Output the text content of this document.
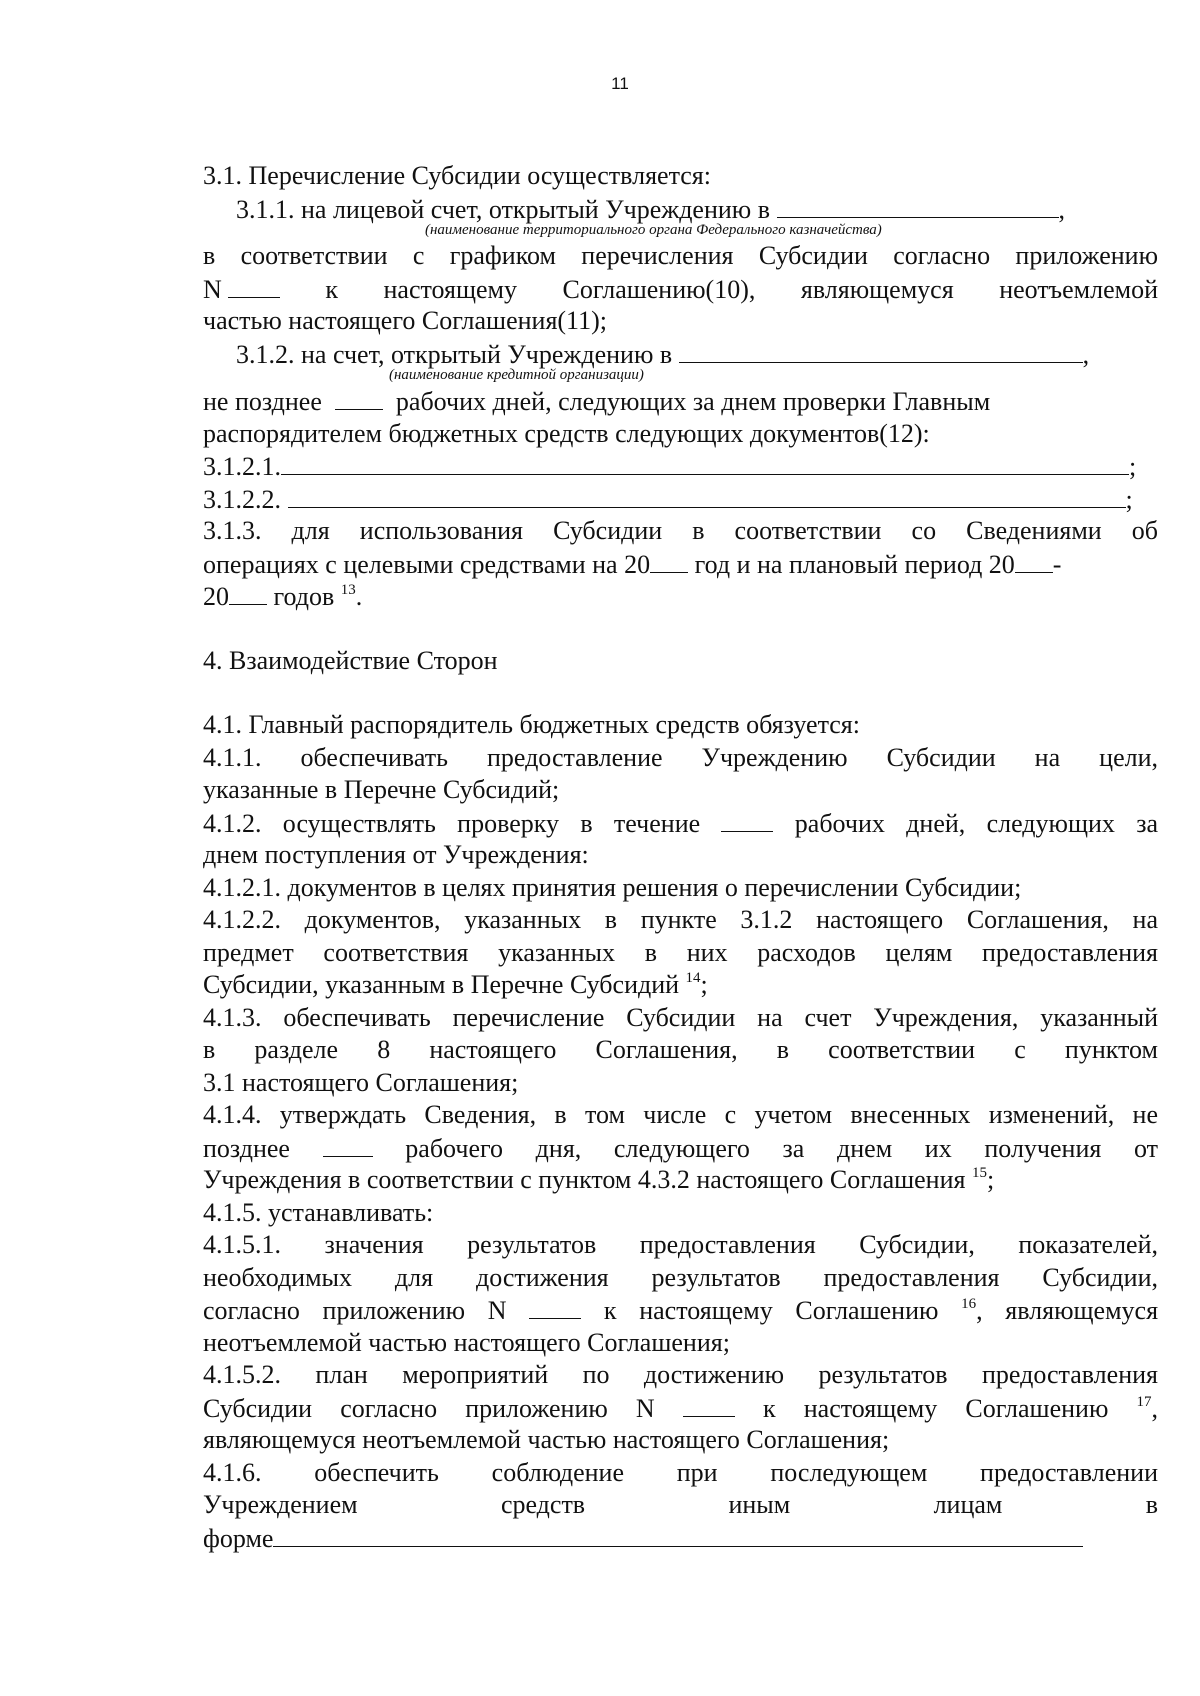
11
3.1. Перечисление Субсидии осуществляется:
3.1.1. на лицевой счет, открытый Учреждению в	,
(наименование территориального органа Федерального казначейства)
в соответствии с графиком перечисления Субсидии согласно приложению
N	к настоящему Соглашению(10), являющемуся неотъемлемой
частью настоящего Соглашения(11);
3.1.2. на счет, открытый Учреждению в	,
(наименование кредитной организации)
не позднее	рабочих дней, следующих за днем проверки Главным
распорядителем бюджетных средств следующих документов(12):
3.1.2.1.	;
3.1.2.2.	;
3.1.3. для использования Субсидии в соответствии со Сведениями об
операциях с целевыми средствами на 20 год и на плановый период 20 -
20 годов $^{13}$.
4. Взаимодействие Сторон
4.1. Главный распорядитель бюджетных средств обязуется:
4.1.1. обеспечивать предоставление Учреждению Субсидии на цели,
указанные в Перечне Субсидий;
4.1.2. осуществлять проверку в течение	рабочих дней, следующих за
днем поступления от Учреждения:
4.1.2.1. документов в целях принятия решения о перечислении Субсидии;
4.1.2.2. документов, указанных в пункте 3.1.2 настоящего Соглашения, на
предмет соответствия указанных в них расходов целям предоставления
Субсидии, указанным в Перечне Субсидий $^{14}$;
4.1.3. обеспечивать перечисление Субсидии на счет Учреждения, указанный
в разделе 8 настоящего Соглашения, в соответствии с пунктом
3.1 настоящего Соглашения;
4.1.4. утверждать Сведения, в том числе с учетом внесенных изменений, не
позднее	рабочего дня, следующего за днем их получения от
Учреждения в соответствии с пунктом 4.3.2 настоящего Соглашения $^{15}$;
4.1.5. устанавливать:
4.1.5.1. значения результатов предоставления Субсидии, показателей,
необходимых для достижения результатов предоставления Субсидии,
согласно приложению N	к настоящему Соглашению $^{16}$, являющемуся
неотъемлемой частью настоящего Соглашения;
4.1.5.2. план мероприятий по достижению результатов предоставления
Субсидии согласно приложению N	к настоящему Соглашению $^{17}$,
являющемуся неотъемлемой частью настоящего Соглашения;
4.1.6. обеспечить соблюдение при последующем предоставлении
Учреждением средств иным лицам в
форме
